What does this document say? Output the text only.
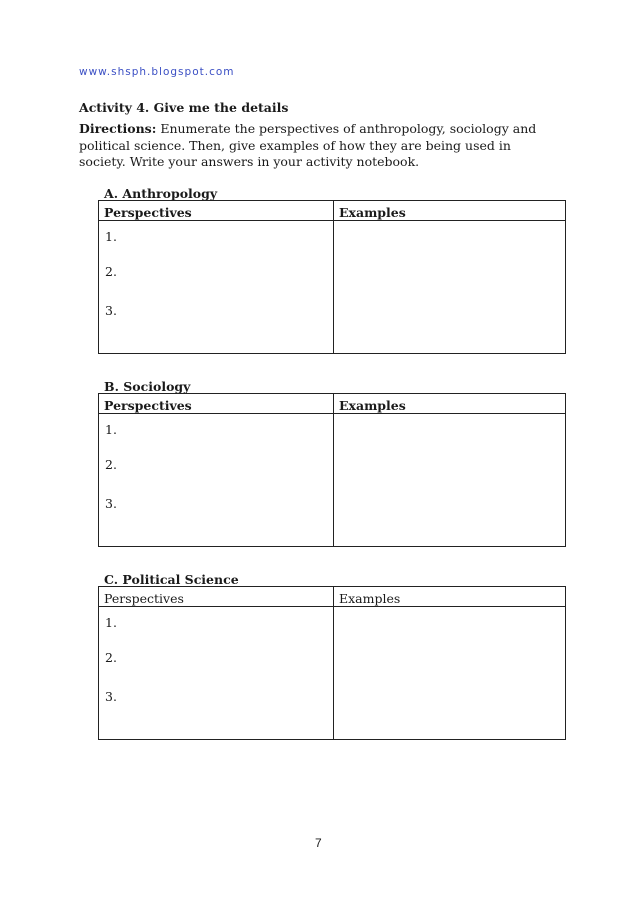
www.shsph.blogspot.com
Activity 4. Give me the details
Directions: Enumerate the perspectives of anthropology, sociology and political science. Then, give examples of how they are being used in society. Write your answers in your activity notebook.
A. Anthropology
Perspectives	Examples
1.
2.
3.
B. Sociology
Perspectives	Examples
1.
2.
3.
C. Political Science
Perspectives	Examples
1.
2.
3.
7
